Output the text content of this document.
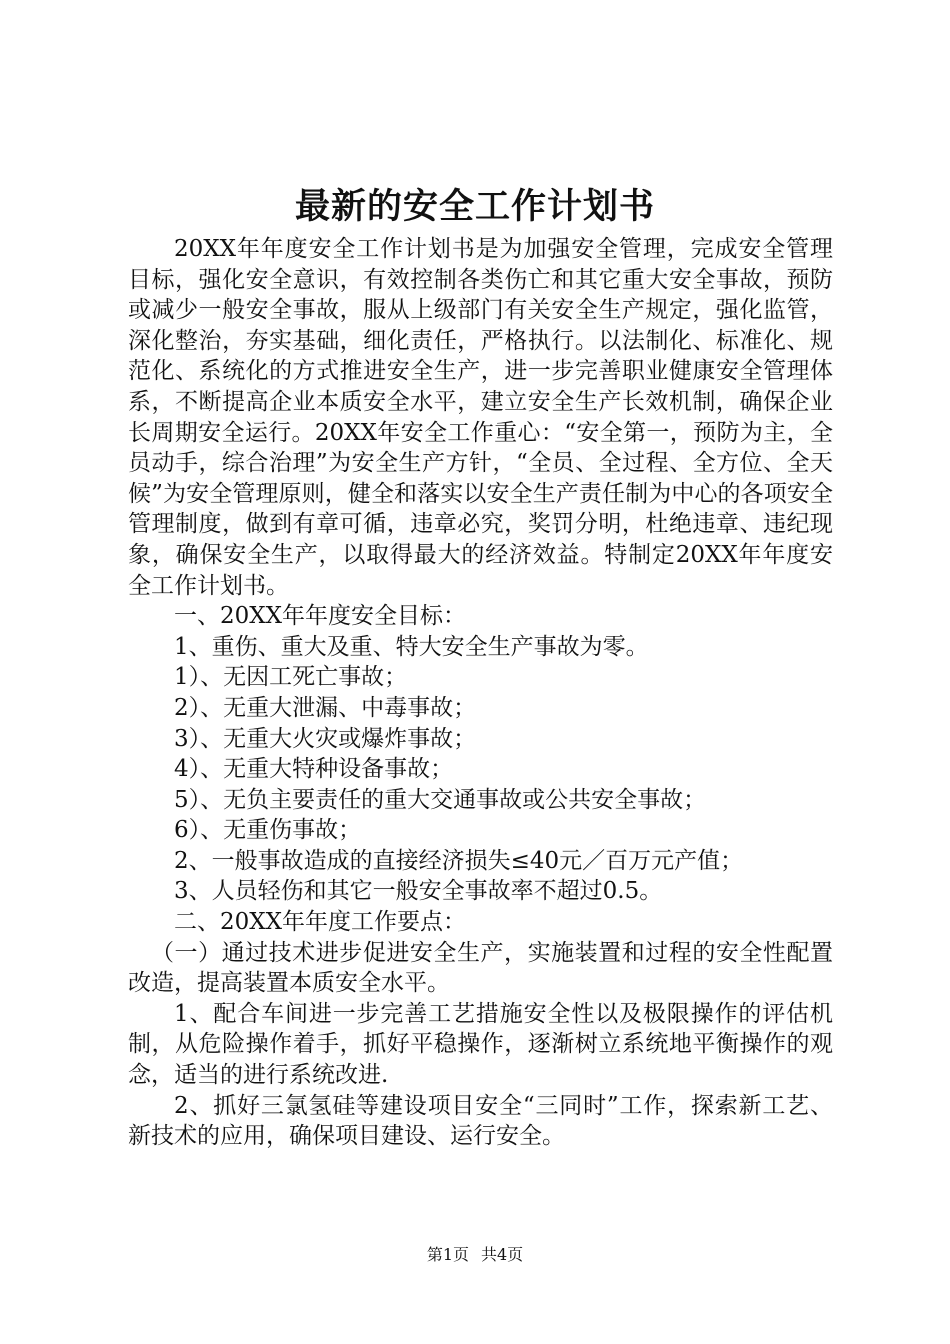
最新的安全工作计划书

20XX年年度安全工作计划书是为加强安全管理，完成安全管理目标，强化安全意识，有效控制各类伤亡和其它重大安全事故，预防或减少一般安全事故，服从上级部门有关安全生产规定，强化监管，深化整治，夯实基础，细化责任，严格执行。以法制化、标准化、规范化、系统化的方式推进安全生产，进一步完善职业健康安全管理体系，不断提高企业本质安全水平，建立安全生产长效机制，确保企业长周期安全运行。20XX年安全工作重心：“安全第一，预防为主，全员动手，综合治理”为安全生产方针，“全员、全过程、全方位、全天候”为安全管理原则，健全和落实以安全生产责任制为中心的各项安全管理制度，做到有章可循，违章必究，奖罚分明，杜绝违章、违纪现象，确保安全生产，以取得最大的经济效益。特制定20XX年年度安全工作计划书。

一、20XX年年度安全目标：

1、重伤、重大及重、特大安全生产事故为零。

1）、无因工死亡事故；

2）、无重大泄漏、中毒事故；

3）、无重大火灾或爆炸事故；

4）、无重大特种设备事故；

5）、无负主要责任的重大交通事故或公共安全事故；

6）、无重伤事故；

2、一般事故造成的直接经济损失≤40元／百万元产值；

3、人员轻伤和其它一般安全事故率不超过0.5。

二、20XX年年度工作要点：

（一）通过技术进步促进安全生产，实施装置和过程的安全性配置改造，提高装置本质安全水平。

1、配合车间进一步完善工艺措施安全性以及极限操作的评估机制，从危险操作着手，抓好平稳操作，逐渐树立系统地平衡操作的观念，适当的进行系统改进.

2、抓好三氯氢硅等建设项目安全“三同时”工作，探索新工艺、新技术的应用，确保项目建设、运行安全。

第1页 共4页
